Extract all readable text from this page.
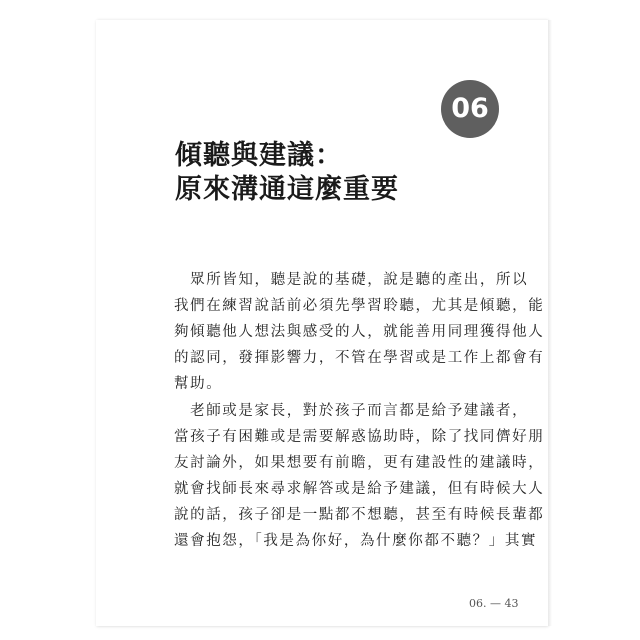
06
傾聽與建議：
原來溝通這麼重要
　眾所皆知，聽是說的基礎，說是聽的產出，所以
我們在練習說話前必須先學習聆聽，尤其是傾聽，能
夠傾聽他人想法與感受的人，就能善用同理獲得他人
的認同，發揮影響力，不管在學習或是工作上都會有
幫助。
　老師或是家長，對於孩子而言都是給予建議者，
當孩子有困難或是需要解惑協助時，除了找同儕好朋
友討論外，如果想要有前瞻，更有建設性的建議時，
就會找師長來尋求解答或是給予建議，但有時候大人
說的話，孩子卻是一點都不想聽，甚至有時候長輩都
還會抱怨，「我是為你好，為什麼你都不聽？」其實
06. — 43
